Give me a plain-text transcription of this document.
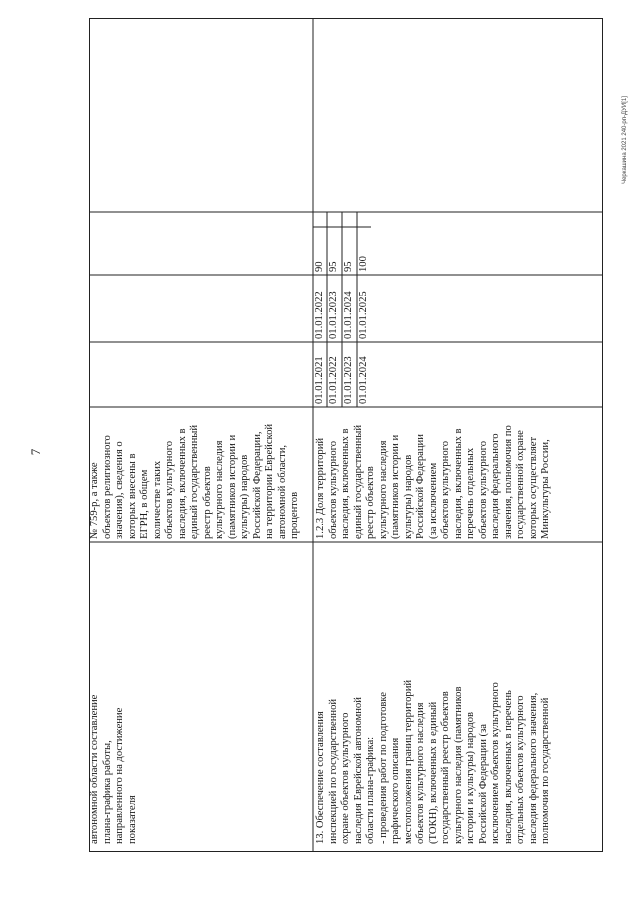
7
Черкашина 2021 240-рп-ДУИ[1]
автономной области составление плана-графика работы, направленного на достижение показателя
№ 759-р, а также объектов религиозного значения), сведения о которых внесены в ЕГРН, в общем количестве таких объектов культурного наследия, включенных в единый государственный реестр объектов культурного наследия (памятников истории и культуры) народов Российской Федерации, на территории Еврейской автономной области, процентов
13. Обеспечение составления инспекцией по государственной охране объектов культурного наследия Еврейской автономной области плана-графика: - проведения работ по подготовке графического описания местоположения границ территорий объектов культурного наследия (ТОКН), включенных в единый государственный реестр объектов культурного наследия (памятников истории и культуры) народов Российской Федерации (за исключением объектов культурного наследия, включенных в перечень отдельных объектов культурного наследия федерального значения, полномочия по государственной
1.2.3 Доля территорий объектов культурного наследия, включенных в единый государственный реестр объектов культурного наследия (памятников истории и культуры) народов Российской Федерации (за исключением объектов культурного наследия, включенных в перечень отдельных объектов культурного наследия федерального значения, полномочия по государственной охране которых осуществляет Минкультуры России,
01.01.2021 01.01.2022 01.01.2023 01.01.2024
01.01.2022 01.01.2023 01.01.2024 01.01.2025
90 95 95 100
